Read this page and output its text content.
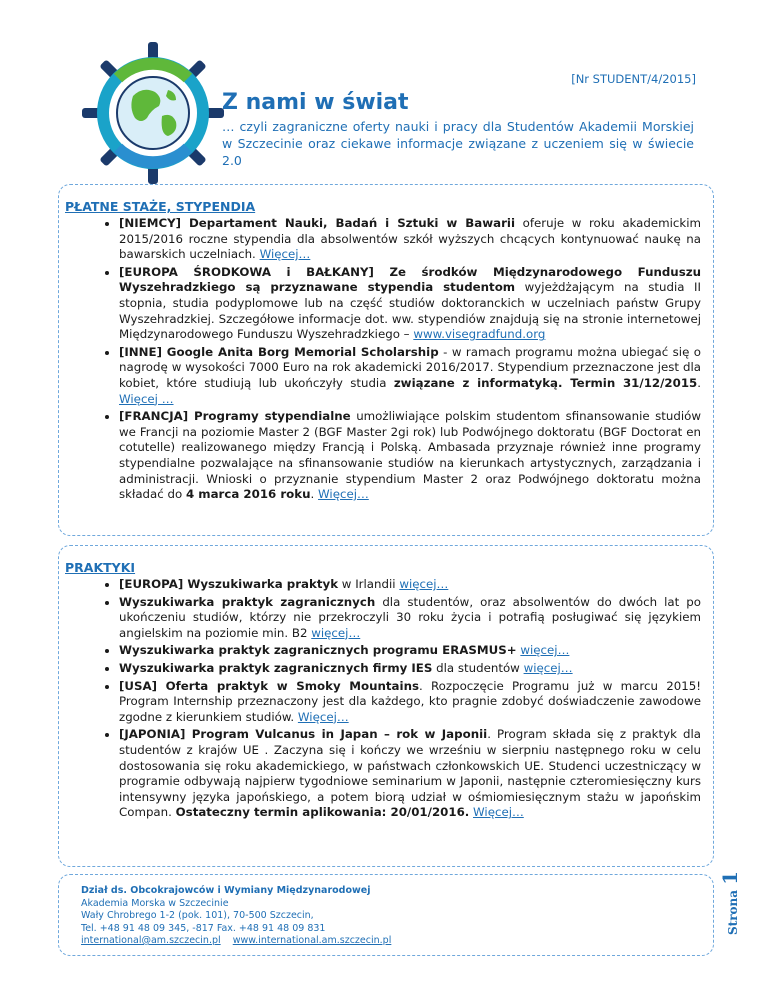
[Nr STUDENT/4/2015]
Z nami w świat
… czyli zagraniczne oferty nauki i pracy dla Studentów Akademii Morskiej w Szczecinie oraz ciekawe informacje związane z uczeniem się w świecie 2.0
PŁATNE STAŻE, STYPENDIA
• [NIEMCY] Departament Nauki, Badań i Sztuki w Bawarii oferuje w roku akademickim 2015/2016 roczne stypendia dla absolwentów szkół wyższych chcących kontynuować naukę na bawarskich uczelniach. Więcej…
• [EUROPA ŚRODKOWA i BAŁKANY] Ze środków Międzynarodowego Funduszu Wyszehradzkiego są przyznawane stypendia studentom wyjeżdżającym na studia II stopnia, studia podyplomowe lub na część studiów doktoranckich w uczelniach państw Grupy Wyszehradzkiej. Szczegółowe informacje dot. ww. stypendiów znajdują się na stronie internetowej Międzynarodowego Funduszu Wyszehradzkiego – www.visegradfund.org
• [INNE] Google Anita Borg Memorial Scholarship - w ramach programu można ubiegać się o nagrodę w wysokości 7000 Euro na rok akademicki 2016/2017. Stypendium przeznaczone jest dla kobiet, które studiują lub ukończyły studia związane z informatyką. Termin 31/12/2015. Więcej …
• [FRANCJA] Programy stypendialne umożliwiające polskim studentom sfinansowanie studiów we Francji na poziomie Master 2 (BGF Master 2gi rok) lub Podwójnego doktoratu (BGF Doctorat en cotutelle) realizowanego między Francją i Polską. Ambasada przyznaje również inne programy stypendialne pozwalające na sfinansowanie studiów na kierunkach artystycznych, zarządzania i administracji. Wnioski o przyznanie stypendium Master 2 oraz Podwójnego doktoratu można składać do 4 marca 2016 roku. Więcej…
PRAKTYKI
• [EUROPA] Wyszukiwarka praktyk w Irlandii więcej…
• Wyszukiwarka praktyk zagranicznych dla studentów, oraz absolwentów do dwóch lat po ukończeniu studiów, którzy nie przekroczyli 30 roku życia i potrafią posługiwać się językiem angielskim na poziomie min. B2 więcej…
• Wyszukiwarka praktyk zagranicznych programu ERASMUS+ więcej…
• Wyszukiwarka praktyk zagranicznych firmy IES dla studentów więcej…
• [USA] Oferta praktyk w Smoky Mountains. Rozpoczęcie Programu już w marcu 2015! Program Internship przeznaczony jest dla każdego, kto pragnie zdobyć doświadczenie zawodowe zgodne z kierunkiem studiów. Więcej…
• [JAPONIA] Program Vulcanus in Japan – rok w Japonii. Program składa się z praktyk dla studentów z krajów UE . Zaczyna się i kończy we wrześniu w sierpniu następnego roku w celu dostosowania się roku akademickiego, w państwach członkowskich UE. Studenci uczestniczący w programie odbywają najpierw tygodniowe seminarium w Japonii, następnie czteromiesięczny kurs intensywny języka japońskiego, a potem biorą udział w ośmiomiesięcznym stażu w japońskim Compan. Ostateczny termin aplikowania: 20/01/2016. Więcej…
Dział ds. Obcokrajowców i Wymiany Międzynarodowej
Akademia Morska w Szczecinie
Wały Chrobrego 1-2 (pok. 101), 70-500 Szczecin,
Tel. +48 91 48 09 345, -817 Fax. +48 91 48 09 831
international@am.szczecin.pl www.international.am.szczecin.pl
Strona 1
